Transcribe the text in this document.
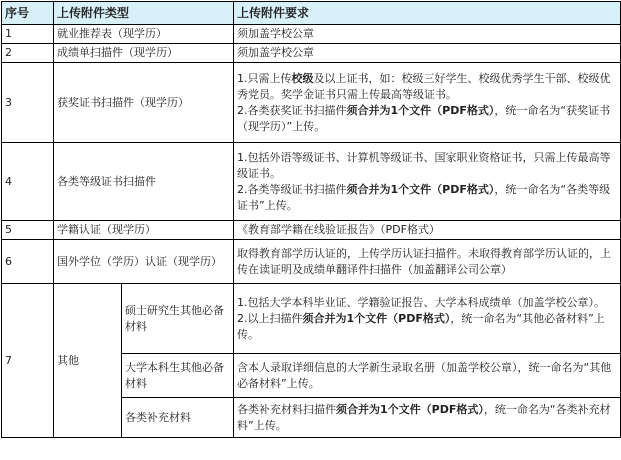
序号	上传附件类型		上传附件要求
1	就业推荐表（现学历）		须加盖学校公章
2	成绩单扫描件（现学历）		须加盖学校公章
3	获奖证书扫描件（现学历）		1.只需上传校级及以上证书，如：校级三好学生、校级优秀学生干部、校级优秀党员。奖学金证书只需上传最高等级证书。
2.各类获奖证书扫描件须合并为1个文件（PDF格式），统一命名为“获奖证书（现学历）”上传。

4	各类等级证书扫描件		1.包括外语等级证书、计算机等级证书、国家职业资格证书，只需上传最高等级证书。
2.各类等级证书扫描件须合并为1个文件（PDF格式），统一命名为“各类等级证书”上传。

5	学籍认证（现学历）		《教育部学籍在线验证报告》（PDF格式）
6	国外学位（学历）认证（现学历）		取得教育部学历认证的，上传学历认证扫描件。未取得教育部学历认证的，上传在读证明及成绩单翻译件扫描件（加盖翻译公司公章）
7	其他	硕士研究生其他必备材料	1.包括大学本科毕业证、学籍验证报告、大学本科成绩单（加盖学校公章）。
2.以上扫描件须合并为1个文件（PDF格式），统一命名为“其他必备材料”上传。

		大学本科生其他必备材料	含本人录取详细信息的大学新生录取名册（加盖学校公章），统一命名为“其他必备材料”上传。
		各类补充材料	各类补充材料扫描件须合并为1个文件（PDF格式），统一命名为“各类补充材料”上传。
